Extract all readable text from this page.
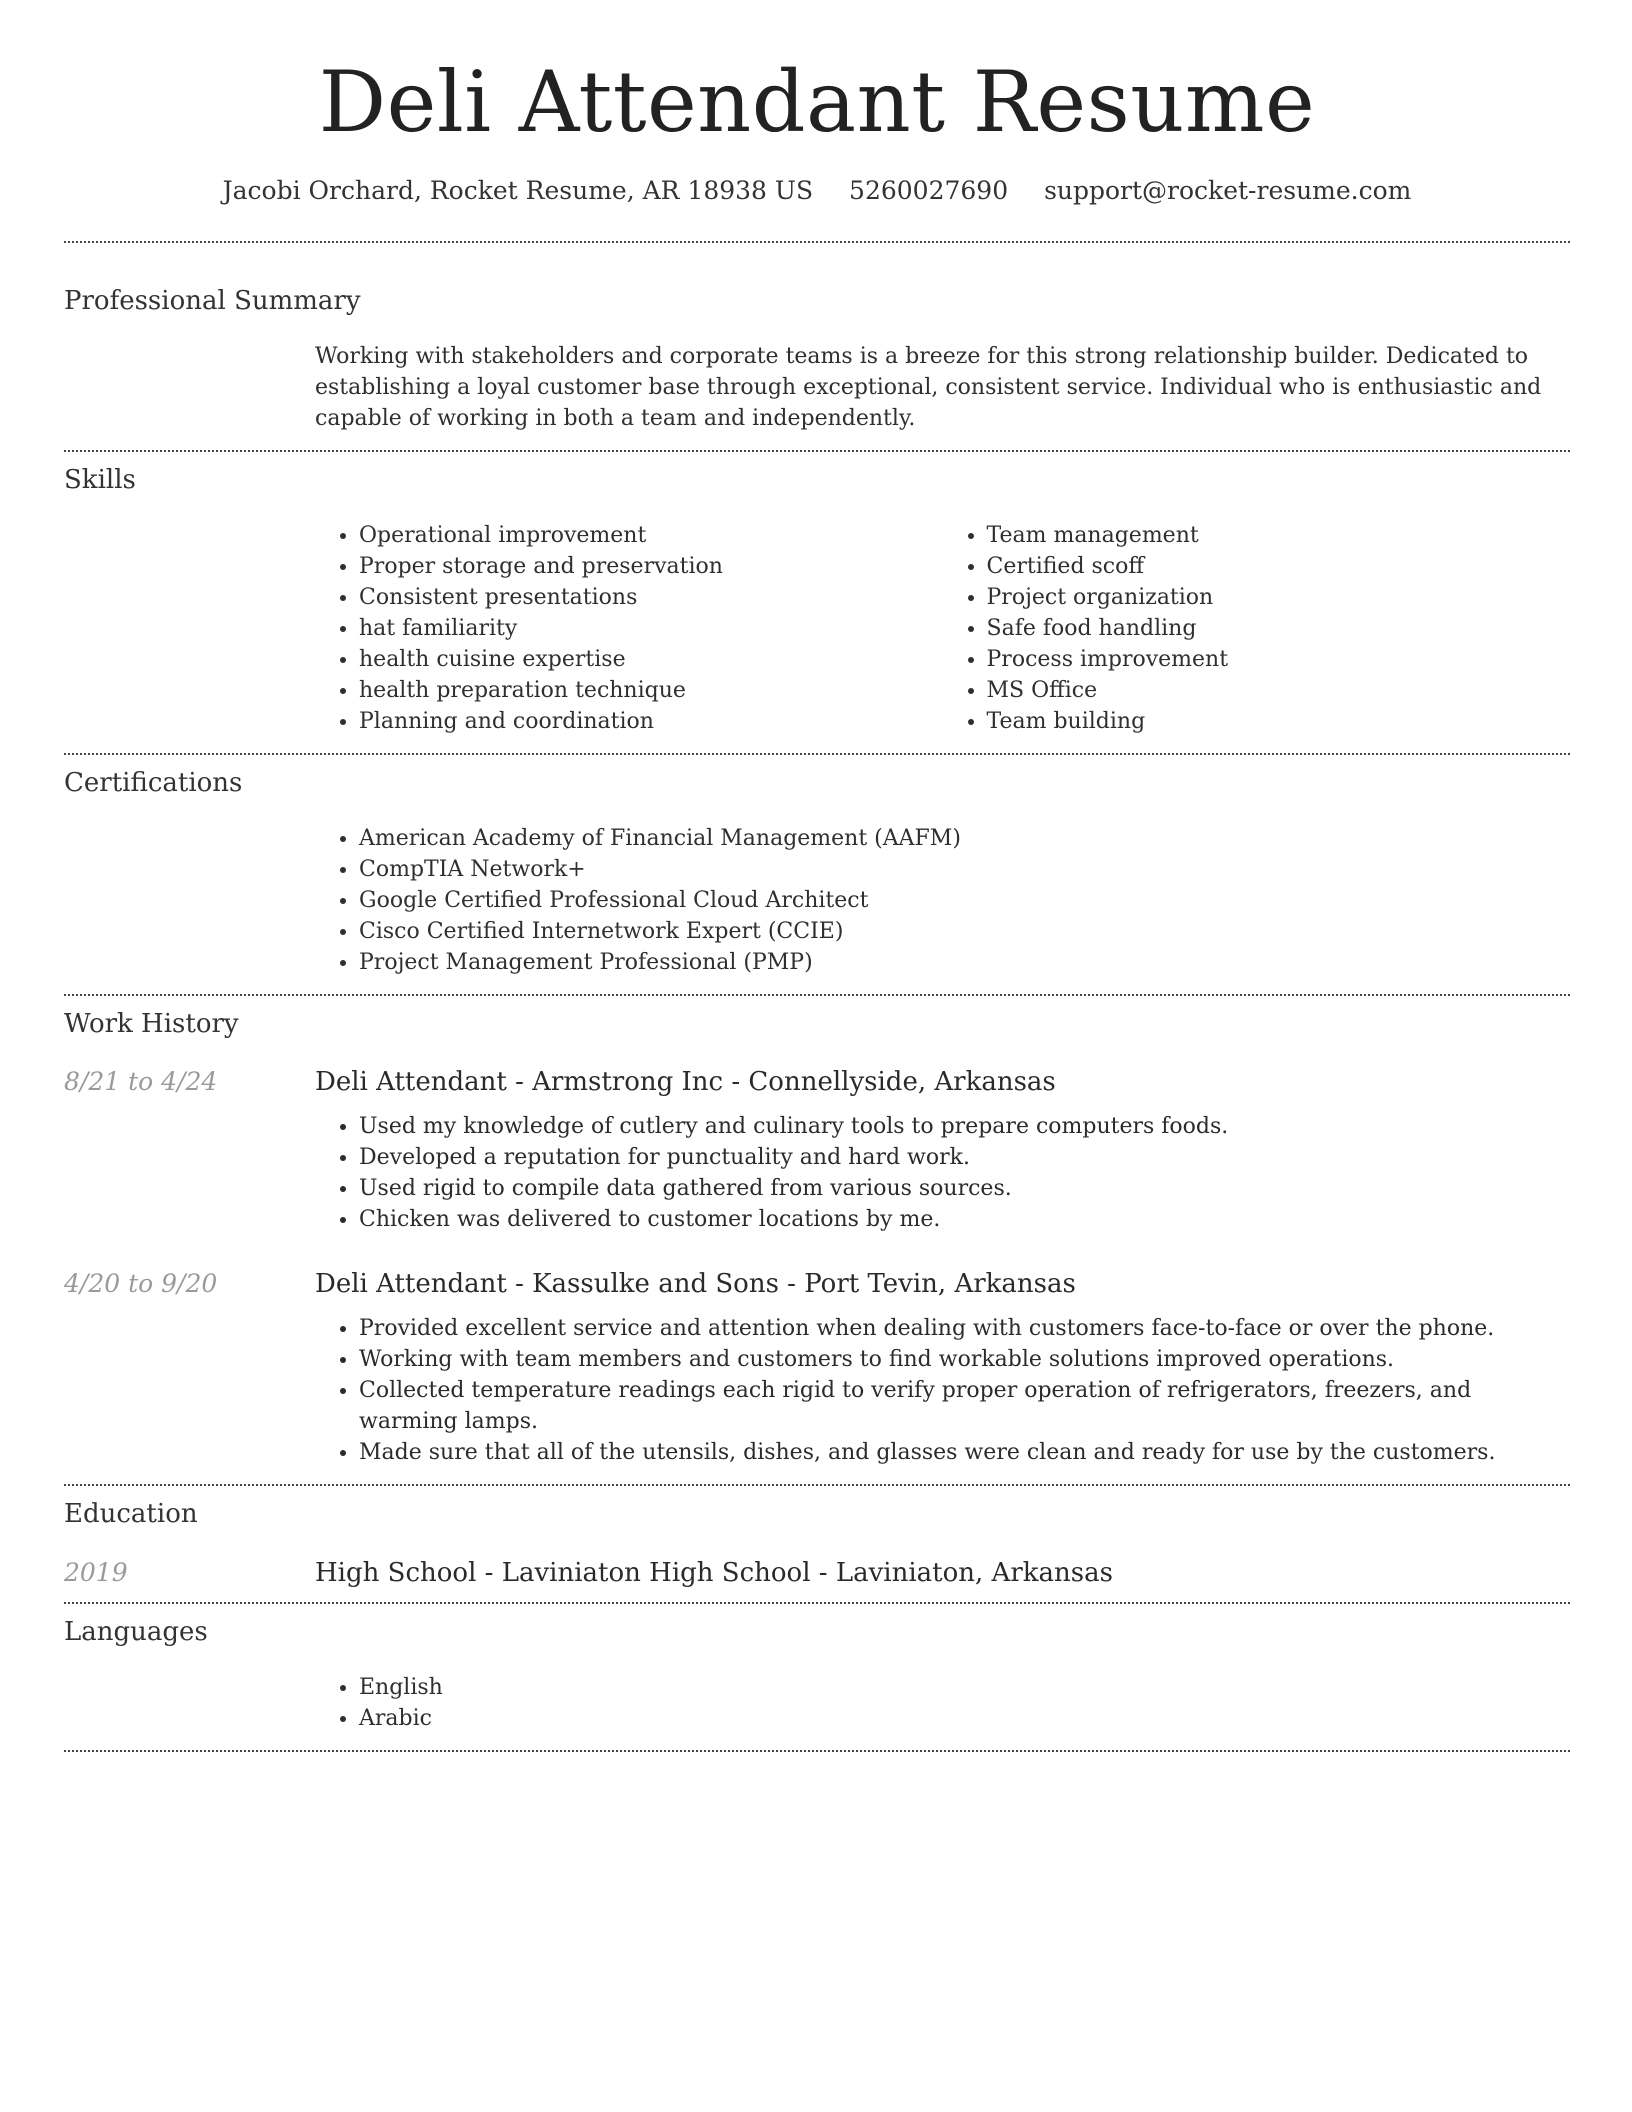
Deli Attendant Resume
Jacobi Orchard, Rocket Resume, AR 18938 US 5260027690 support@rocket-resume.com
Professional Summary
Working with stakeholders and corporate teams is a breeze for this strong relationship builder. Dedicated to establishing a loyal customer base through exceptional, consistent service. Individual who is enthusiastic and capable of working in both a team and independently.
Skills
• Operational improvement
• Proper storage and preservation
• Consistent presentations
• hat familiarity
• health cuisine expertise
• health preparation technique
• Planning and coordination
• Team management
• Certified scoff
• Project organization
• Safe food handling
• Process improvement
• MS Office
• Team building
Certifications
• American Academy of Financial Management (AAFM)
• CompTIA Network+
• Google Certified Professional Cloud Architect
• Cisco Certified Internetwork Expert (CCIE)
• Project Management Professional (PMP)
Work History
8/21 to 4/24	Deli Attendant - Armstrong Inc - Connellyside, Arkansas
• Used my knowledge of cutlery and culinary tools to prepare computers foods.
• Developed a reputation for punctuality and hard work.
• Used rigid to compile data gathered from various sources.
• Chicken was delivered to customer locations by me.
4/20 to 9/20	Deli Attendant - Kassulke and Sons - Port Tevin, Arkansas
• Provided excellent service and attention when dealing with customers face-to-face or over the phone.
• Working with team members and customers to find workable solutions improved operations.
• Collected temperature readings each rigid to verify proper operation of refrigerators, freezers, and warming lamps.
• Made sure that all of the utensils, dishes, and glasses were clean and ready for use by the customers.
Education
2019	High School - Laviniaton High School - Laviniaton, Arkansas
Languages
• English
• Arabic
